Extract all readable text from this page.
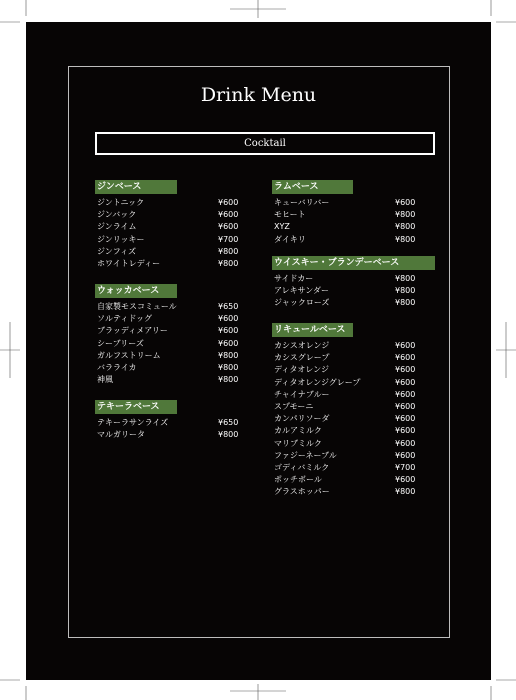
Drink Menu
Cocktail
ジンベース
ジントニック	¥600
ジンバック	¥600
ジンライム	¥600
ジンリッキー	¥700
ジンフィズ	¥800
ホワイトレディー	¥800
ウォッカベース
自家製モスコミュール	¥650
ソルティドッグ	¥600
ブラッディメアリー	¥600
シーブリーズ	¥600
ガルフストリーム	¥800
バラライカ	¥800
神風	¥800
テキーラベース
テキーラサンライズ	¥650
マルガリータ	¥800
ラムベース
キューバリバー	¥600
モヒート	¥800
XYZ	¥800
ダイキリ	¥800
ウイスキー・ブランデーベース
サイドカー	¥800
アレキサンダー	¥800
ジャックローズ	¥800
リキュールベース
カシスオレンジ	¥600
カシスグレープ	¥600
ディタオレンジ	¥600
ディタオレンジグレープ	¥600
チャイナブルー	¥600
スプモーニ	¥600
カンパリソーダ	¥600
カルアミルク	¥600
マリブミルク	¥600
ファジーネーブル	¥600
ゴディバミルク	¥700
ポッチボール	¥600
グラスホッパー	¥800
